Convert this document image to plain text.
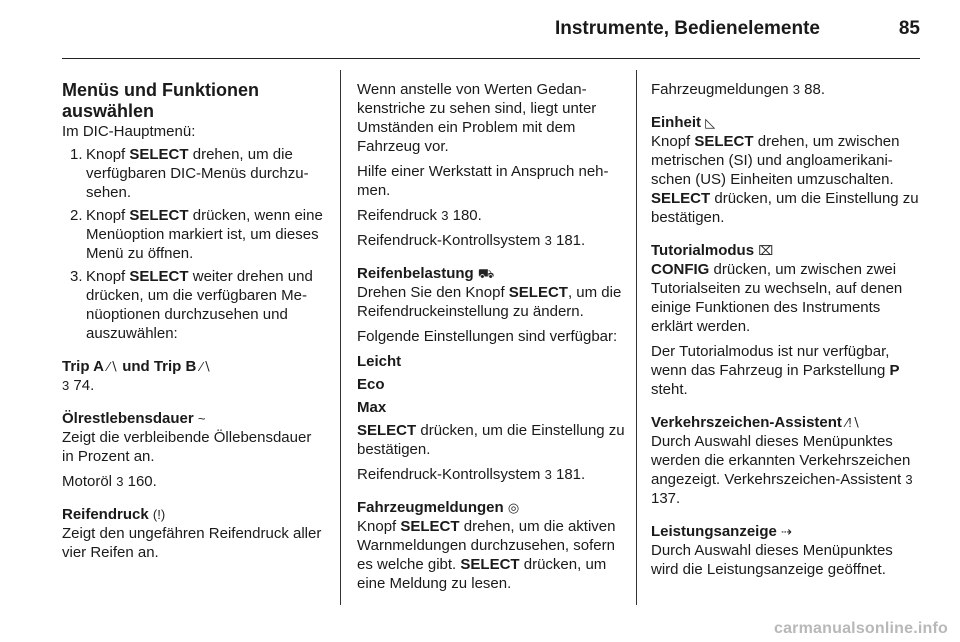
Instrumente, Bedienelemente	85
Menüs und Funktionen auswählen

Im DIC-Hauptmenü:

1. Knopf SELECT drehen, um die verfügbaren DIC-Menüs durchzusehen.
2. Knopf SELECT drücken, wenn eine Menüoption markiert ist, um dieses Menü zu öffnen.
3. Knopf SELECT weiter drehen und drücken, um die verfügbaren Menüoptionen durchzusehen und auszuwählen:

Trip A ⁄∖ und Trip B ⁄∖

3 74.

Ölrestlebensdauer ~

Zeigt die verbleibende Öllebensdauer in Prozent an.

Motoröl 3 160.

Reifendruck (!)

Zeigt den ungefähren Reifendruck aller vier Reifen an.

Wenn anstelle von Werten Gedankenstriche zu sehen sind, liegt unter Umständen ein Problem mit dem Fahrzeug vor.

Hilfe einer Werkstatt in Anspruch nehmen.

Reifendruck 3 180.

Reifendruck-Kontrollsystem 3 181.

Reifenbelastung ⛟

Drehen Sie den Knopf SELECT, um die Reifendruckeinstellung zu ändern.

Folgende Einstellungen sind verfügbar:

Leicht

Eco

Max

SELECT drücken, um die Einstellung zu bestätigen.

Reifendruck-Kontrollsystem 3 181.

Fahrzeugmeldungen ◎

Knopf SELECT drehen, um die aktiven Warnmeldungen durchzusehen, sofern es welche gibt. SELECT drücken, um eine Meldung zu lesen.

Fahrzeugmeldungen 3 88.

Einheit ◺

Knopf SELECT drehen, um zwischen metrischen (SI) und angloamerikanischen (US) Einheiten umzuschalten. SELECT drücken, um die Einstellung zu bestätigen.

Tutorialmodus ⌧

CONFIG drücken, um zwischen zwei Tutorialseiten zu wechseln, auf denen einige Funktionen des Instruments erklärt werden.

Der Tutorialmodus ist nur verfügbar, wenn das Fahrzeug in Parkstellung P steht.

Verkehrszeichen-Assistent ⁄!∖

Durch Auswahl dieses Menüpunktes werden die erkannten Verkehrszeichen angezeigt. Verkehrszeichen-Assistent 3 137.

Leistungsanzeige ⇢

Durch Auswahl dieses Menüpunktes wird die Leistungsanzeige geöffnet.

carmanualsonline.info
